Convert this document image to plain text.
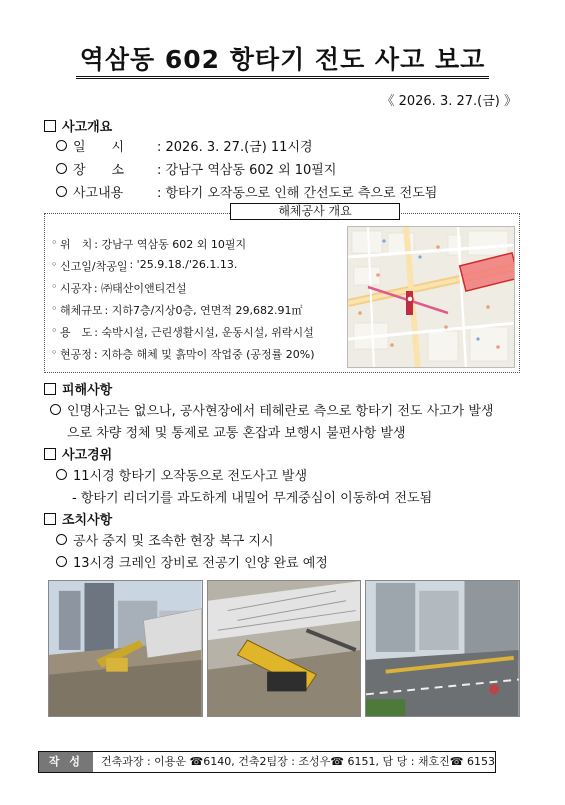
역삼동 602 항타기 전도 사고 보고
《 2026. 3. 27.(금) 》
사고개요
일　　시	: 2026. 3. 27.(금) 11시경
장　　소	: 강남구 역삼동 602 외 10필지
사고내용	: 항타기 오작동으로 인해 간선도로 측으로 전도됨
해체공사 개요
◦ 위　치 : 강남구 역삼동 602 외 10필지
◦ 신고일/착공일 : '25.9.18./'26.1.13.
◦ 시공자 : ㈜태산이앤티건설
◦ 해체규모 : 지하7층/지상0층, 연면적 29,682.91㎡
◦ 용　도 : 숙박시설, 근린생활시설, 운동시설, 위락시설
◦ 현공정 : 지하층 해체 및 흙막이 작업중 (공정률 20%)
피해사항
인명사고는 없으나, 공사현장에서 테헤란로 측으로 항타기 전도 사고가 발생
으로 차량 정체 및 통제로 교통 혼잡과 보행시 불편사항 발생
사고경위
11시경 항타기 오작동으로 전도사고 발생
- 항타기 리더기를 과도하게 내밀어 무게중심이 이동하여 전도됨
조치사항
공사 중지 및 조속한 현장 복구 지시
13시경 크레인 장비로 전공기 인양 완료 예정
작 성 자
건축과장 : 이용운 ☎6140, 건축2팀장 : 조성우☎ 6151, 담 당 : 채호진☎ 6153
